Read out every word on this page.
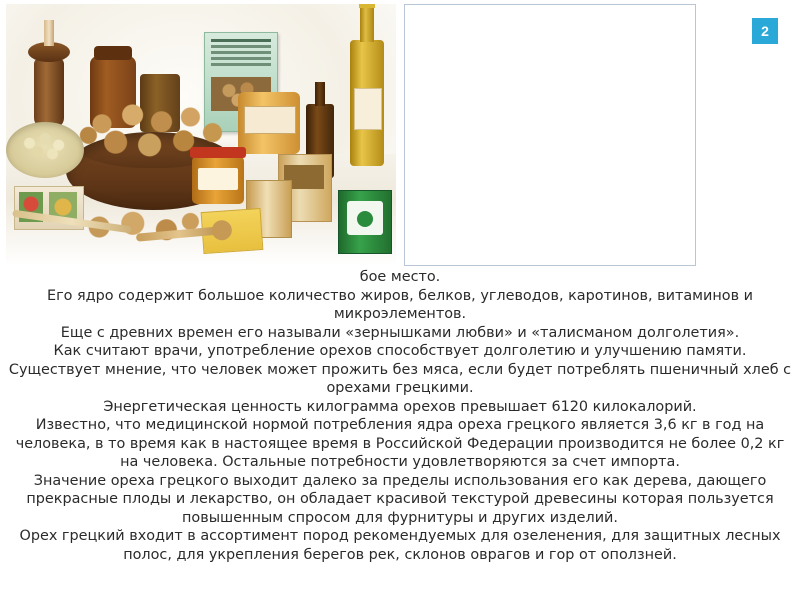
2

бое место.

Его ядро содержит большое количество жиров, белков, углеводов, каротинов, витаминов и микроэлементов.

Еще с древних времен его называли «зернышками любви» и «талисманом долголетия».

Как считают врачи, употребление орехов способствует долголетию и улучшению памяти.

Существует мнение, что человек может прожить без мяса, если будет потреблять пшеничный хлеб с орехами грецкими.

Энергетическая ценность килограмма орехов превышает 6120 килокалорий.

Известно, что медицинской нормой потребления ядра ореха грецкого является 3,6 кг в год на человека, в то время как в настоящее время в Российской Федерации производится не более 0,2 кг на человека. Остальные потребности удовлетворяются за счет импорта.

Значение ореха грецкого выходит далеко за пределы использования его как дерева, дающего прекрасные плоды и лекарство, он обладает красивой текстурой древесины которая пользуется повышенным спросом для фурнитуры и других изделий.

Орех грецкий входит в ассортимент пород рекомендуемых для озеленения, для защитных лесных полос, для укрепления берегов рек, склонов оврагов и гор от оползней.
